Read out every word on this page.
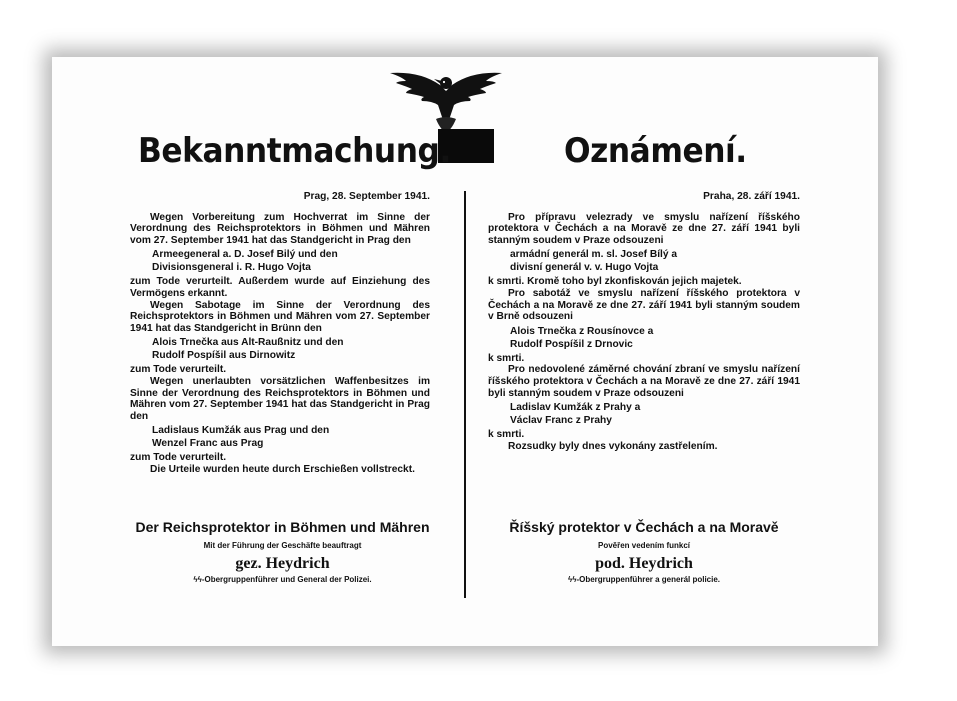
Bekanntmachung.	Oznámení.

Prag, 28. September 1941.

Wegen Vorbereitung zum Hochverrat im Sinne der Verordnung des Reichsprotektors in Böhmen und Mähren vom 27. September 1941 hat das Standgericht in Prag den

Armeegeneral a. D. Josef Bilý und den
Divisionsgeneral i. R. Hugo Vojta

zum Tode verurteilt. Außerdem wurde auf Einziehung des Vermögens erkannt.

Wegen Sabotage im Sinne der Verordnung des Reichsprotektors in Böhmen und Mähren vom 27. September 1941 hat das Standgericht in Brünn den

Alois Trnečka aus Alt-Raußnitz und den
Rudolf Pospíšil aus Dirnowitz

zum Tode verurteilt.

Wegen unerlaubten vorsätzlichen Waffenbesitzes im Sinne der Verordnung des Reichsprotektors in Böhmen und Mähren vom 27. September 1941 hat das Standgericht in Prag den

Ladislaus Kumžák aus Prag und den
Wenzel Franc aus Prag

zum Tode verurteilt.

Die Urteile wurden heute durch Erschießen vollstreckt.

Praha, 28. září 1941.

Pro přípravu velezrady ve smyslu nařízení říšského protektora v Čechách a na Moravě ze dne 27. září 1941 byli stanným soudem v Praze odsouzeni

armádní generál m. sl. Josef Bílý a
divisní generál v. v. Hugo Vojta

k smrti. Kromě toho byl zkonfiskován jejich majetek.

Pro sabotáž ve smyslu nařízení říšského protektora v Čechách a na Moravě ze dne 27. září 1941 byli stanným soudem v Brně odsouzeni

Alois Trnečka z Rousínovce a
Rudolf Pospíšil z Drnovic

k smrti.

Pro nedovolené záměrné chování zbraní ve smyslu nařízení říšského protektora v Čechách a na Moravě ze dne 27. září 1941 byli stanným soudem v Praze odsouzeni

Ladislav Kumžák z Prahy a
Václav Franc z Prahy

k smrti.

Rozsudky byly dnes vykonány zastřelením.

Der Reichsprotektor in Böhmen und Mähren
Mit der Führung der Geschäfte beauftragt
gez. Heydrich
ϟϟ-Obergruppenführer und General der Polizei.
Říšský protektor v Čechách a na Moravě
Pověřen vedením funkcí
pod. Heydrich
ϟϟ-Obergruppenführer a generál policie.
